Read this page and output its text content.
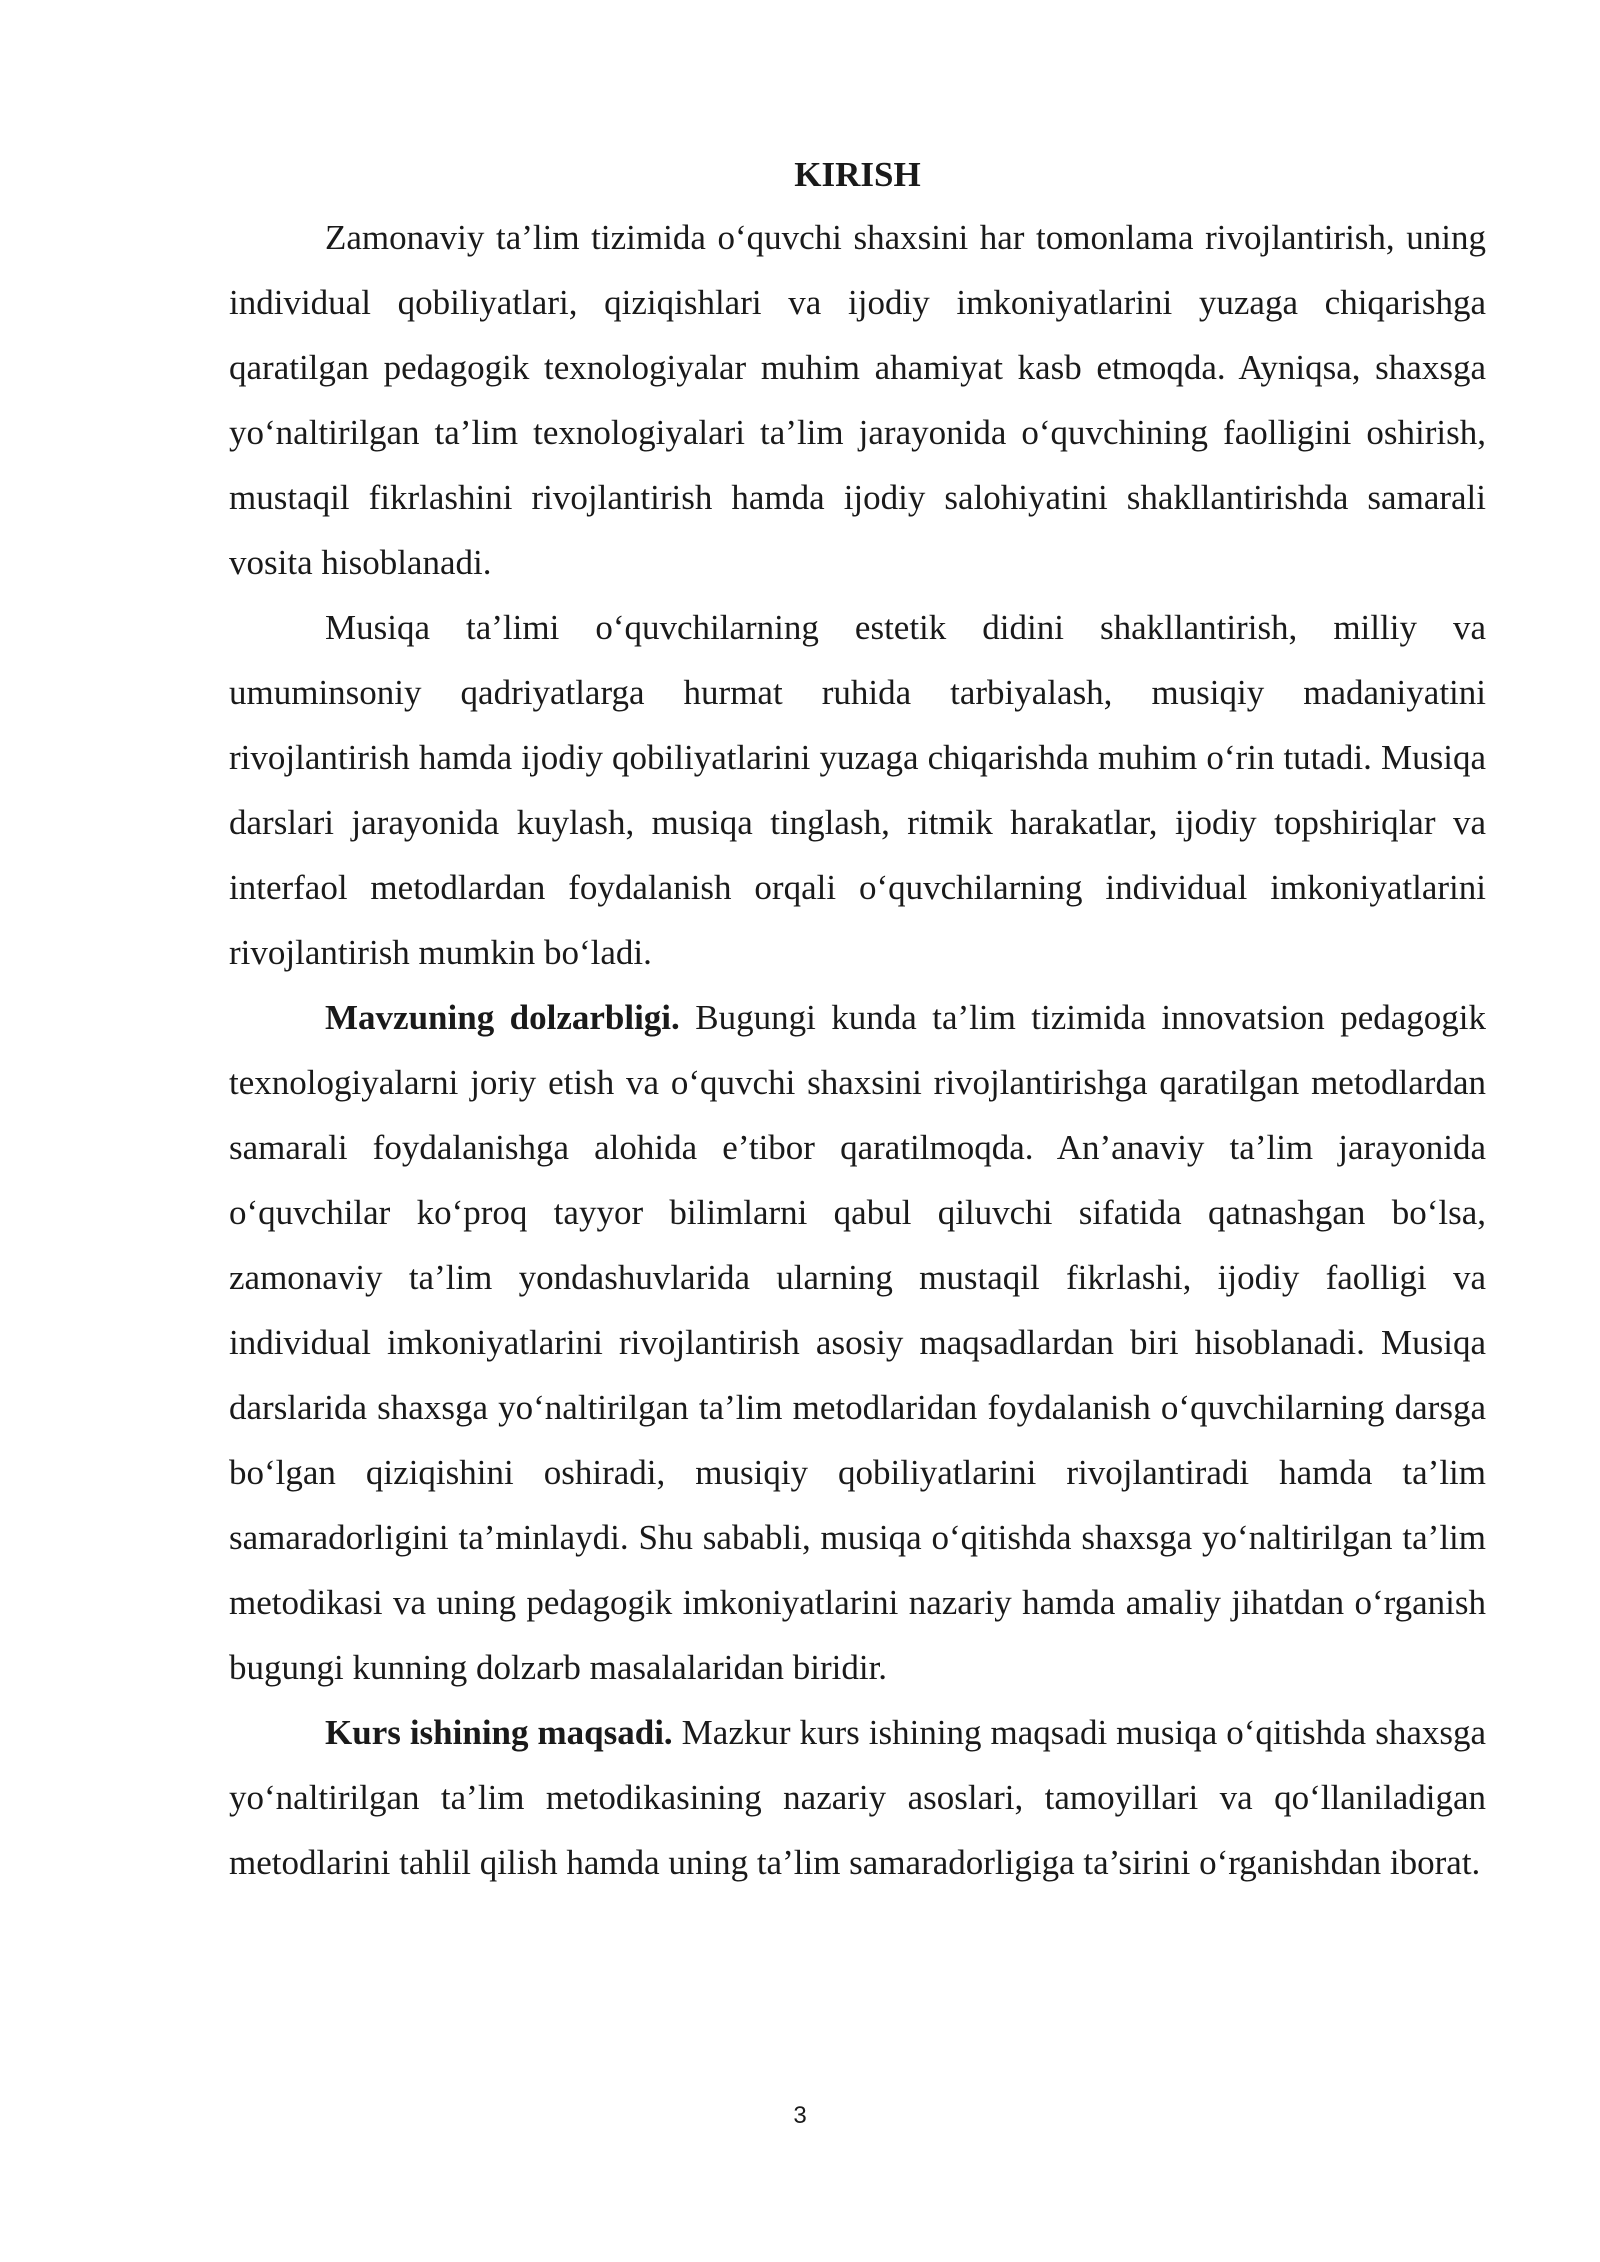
KIRISH

Zamonaviy ta’lim tizimida o‘quvchi shaxsini har tomonlama rivojlantirish, uning individual qobiliyatlari, qiziqishlari va ijodiy imkoniyatlarini yuzaga chiqarishga qaratilgan pedagogik texnologiyalar muhim ahamiyat kasb etmoqda. Ayniqsa, shaxsga yo‘naltirilgan ta’lim texnologiyalari ta’lim jarayonida o‘quvchining faolligini oshirish, mustaqil fikrlashini rivojlantirish hamda ijodiy salohiyatini shakllantirishda samarali vosita hisoblanadi.

Musiqa ta’limi o‘quvchilarning estetik didini shakllantirish, milliy va umuminsoniy qadriyatlarga hurmat ruhida tarbiyalash, musiqiy madaniyatini rivojlantirish hamda ijodiy qobiliyatlarini yuzaga chiqarishda muhim o‘rin tutadi. Musiqa darslari jarayonida kuylash, musiqa tinglash, ritmik harakatlar, ijodiy topshiriqlar va interfaol metodlardan foydalanish orqali o‘quvchilarning individual imkoniyatlarini rivojlantirish mumkin bo‘ladi.

Mavzuning dolzarbligi. Bugungi kunda ta’lim tizimida innovatsion pedagogik texnologiyalarni joriy etish va o‘quvchi shaxsini rivojlantirishga qaratilgan metodlardan samarali foydalanishga alohida e’tibor qaratilmoqda. An’anaviy ta’lim jarayonida o‘quvchilar ko‘proq tayyor bilimlarni qabul qiluvchi sifatida qatnashgan bo‘lsa, zamonaviy ta’lim yondashuvlarida ularning mustaqil fikrlashi, ijodiy faolligi va individual imkoniyatlarini rivojlantirish asosiy maqsadlardan biri hisoblanadi. Musiqa darslarida shaxsga yo‘naltirilgan ta’lim metodlaridan foydalanish o‘quvchilarning darsga bo‘lgan qiziqishini oshiradi, musiqiy qobiliyatlarini rivojlantiradi hamda ta’lim samaradorligini ta’minlaydi. Shu sababli, musiqa o‘qitishda shaxsga yo‘naltirilgan ta’lim metodikasi va uning pedagogik imkoniyatlarini nazariy hamda amaliy jihatdan o‘rganish bugungi kunning dolzarb masalalaridan biridir.

Kurs ishining maqsadi. Mazkur kurs ishining maqsadi musiqa o‘qitishda shaxsga yo‘naltirilgan ta’lim metodikasining nazariy asoslari, tamoyillari va qo‘llaniladigan metodlarini tahlil qilish hamda uning ta’lim samaradorligiga ta’sirini o‘rganishdan iborat.

3
